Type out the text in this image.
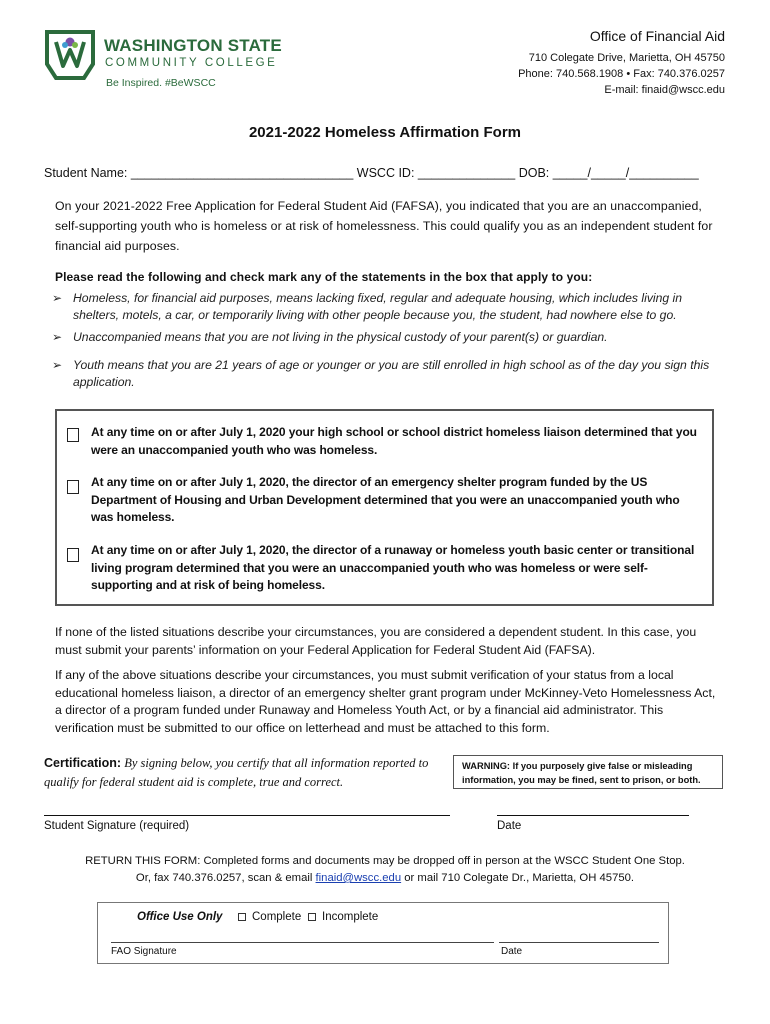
WASHINGTON STATE
COMMUNITY COLLEGE
Be Inspired. #BeWSCC
Office of Financial Aid
710 Colegate Drive, Marietta, OH 45750
Phone: 740.568.1908 • Fax: 740.376.0257
E-mail: finaid@wscc.edu
2021-2022 Homeless Affirmation Form
Student Name: ________________________________ WSCC ID: ______________ DOB: _____/_____/__________
On your 2021-2022 Free Application for Federal Student Aid (FAFSA), you indicated that you are an unaccompanied, self-supporting youth who is homeless or at risk of homelessness. This could qualify you as an independent student for financial aid purposes.
Please read the following and check mark any of the statements in the box that apply to you:
➢ Homeless, for financial aid purposes, means lacking fixed, regular and adequate housing, which includes living in shelters, motels, a car, or temporarily living with other people because you, the student, had nowhere else to go.
➢ Unaccompanied means that you are not living in the physical custody of your parent(s) or guardian.
➢ Youth means that you are 21 years of age or younger or you are still enrolled in high school as of the day you sign this application.
At any time on or after July 1, 2020 your high school or school district homeless liaison determined that you were an unaccompanied youth who was homeless.
At any time on or after July 1, 2020, the director of an emergency shelter program funded by the US Department of Housing and Urban Development determined that you were an unaccompanied youth who was homeless.
At any time on or after July 1, 2020, the director of a runaway or homeless youth basic center or transitional living program determined that you were an unaccompanied youth who was homeless or were self-supporting and at risk of being homeless.
If none of the listed situations describe your circumstances, you are considered a dependent student. In this case, you must submit your parents’ information on your Federal Application for Federal Student Aid (FAFSA).
If any of the above situations describe your circumstances, you must submit verification of your status from a local educational homeless liaison, a director of an emergency shelter grant program under McKinney-Veto Homelessness Act, a director of a program funded under Runaway and Homeless Youth Act, or by a financial aid administrator. This verification must be submitted to our office on letterhead and must be attached to this form.
Certification: By signing below, you certify that all information reported to qualify for federal student aid is complete, true and correct.
WARNING: If you purposely give false or misleading information, you may be fined, sent to prison, or both.
Student Signature (required)	Date
RETURN THIS FORM: Completed forms and documents may be dropped off in person at the WSCC Student One Stop.
Or, fax 740.376.0257, scan & email finaid@wscc.edu or mail 710 Colegate Dr., Marietta, OH 45750.
Office Use Only	Complete	Incomplete
FAO Signature	Date
